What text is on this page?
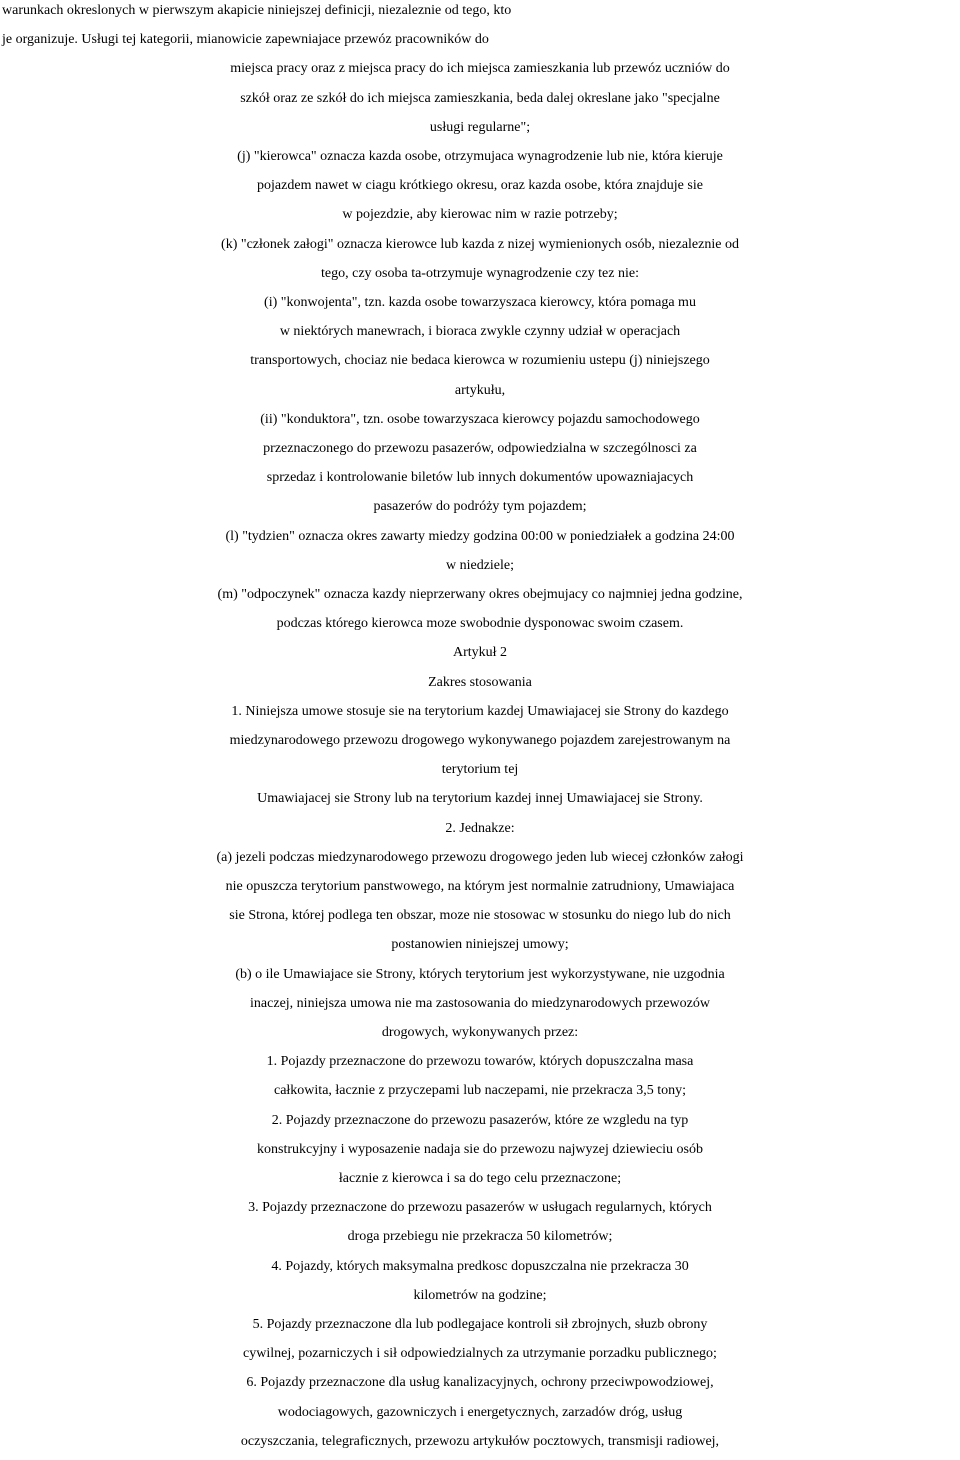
warunkach okreslonych w pierwszym akapicie niniejszej definicji, niezaleznie od tego, kto

je organizuje. Usługi tej kategorii, mianowicie zapewniajace przewóz pracowników do

miejsca pracy oraz z miejsca pracy do ich miejsca zamieszkania lub przewóz uczniów do

szkół oraz ze szkół do ich miejsca zamieszkania, beda dalej okreslane jako "specjalne

usługi regularne";

(j) "kierowca" oznacza kazda osobe, otrzymujaca wynagrodzenie lub nie, która kieruje

pojazdem nawet w ciagu krótkiego okresu, oraz kazda osobe, która znajduje sie

w pojezdzie, aby kierowac nim w razie potrzeby;

(k) "członek załogi" oznacza kierowce lub kazda z nizej wymienionych osób, niezaleznie od

tego, czy osoba ta-otrzymuje wynagrodzenie czy tez nie:

(i) "konwojenta", tzn. kazda osobe towarzyszaca kierowcy, która pomaga mu

w niektórych manewrach, i bioraca zwykle czynny udział w operacjach

transportowych, chociaz nie bedaca kierowca w rozumieniu ustepu (j) niniejszego

artykułu,

(ii) "konduktora", tzn. osobe towarzyszaca kierowcy pojazdu samochodowego

przeznaczonego do przewozu pasazerów, odpowiedzialna w szczególnosci za

sprzedaz i kontrolowanie biletów lub innych dokumentów upowazniajacych

pasazerów do podróży tym pojazdem;

(l) "tydzien" oznacza okres zawarty miedzy godzina 00:00 w poniedziałek a godzina 24:00

w niedziele;

(m) "odpoczynek" oznacza kazdy nieprzerwany okres obejmujacy co najmniej jedna godzine,

podczas którego kierowca moze swobodnie dysponowac swoim czasem.

Artykuł 2

Zakres stosowania

1. Niniejsza umowe stosuje sie na terytorium kazdej Umawiajacej sie Strony do kazdego

miedzynarodowego przewozu drogowego wykonywanego pojazdem zarejestrowanym na

terytorium tej

Umawiajacej sie Strony lub na terytorium kazdej innej Umawiajacej sie Strony.

2. Jednakze:

(a) jezeli podczas miedzynarodowego przewozu drogowego jeden lub wiecej członków załogi

nie opuszcza terytorium panstwowego, na którym jest normalnie zatrudniony, Umawiajaca

sie Strona, której podlega ten obszar, moze nie stosowac w stosunku do niego lub do nich

postanowien niniejszej umowy;

(b) o ile Umawiajace sie Strony, których terytorium jest wykorzystywane, nie uzgodnia

inaczej, niniejsza umowa nie ma zastosowania do miedzynarodowych przewozów

drogowych, wykonywanych przez:

1. Pojazdy przeznaczone do przewozu towarów, których dopuszczalna masa

całkowita, łacznie z przyczepami lub naczepami, nie przekracza 3,5 tony;

2. Pojazdy przeznaczone do przewozu pasazerów, które ze wzgledu na typ

konstrukcyjny i wyposazenie nadaja sie do przewozu najwyzej dziewieciu osób

łacznie z kierowca i sa do tego celu przeznaczone;

3. Pojazdy przeznaczone do przewozu pasazerów w usługach regularnych, których

droga przebiegu nie przekracza 50 kilometrów;

4. Pojazdy, których maksymalna predkosc dopuszczalna nie przekracza 30

kilometrów na godzine;

5. Pojazdy przeznaczone dla lub podlegajace kontroli sił zbrojnych, słuzb obrony

cywilnej, pozarniczych i sił odpowiedzialnych za utrzymanie porzadku publicznego;

6. Pojazdy przeznaczone dla usług kanalizacyjnych, ochrony przeciwpowodziowej,

wodociagowych, gazowniczych i energetycznych, zarzadów dróg, usług

oczyszczania, telegraficznych, przewozu artykułów pocztowych, transmisji radiowej,
